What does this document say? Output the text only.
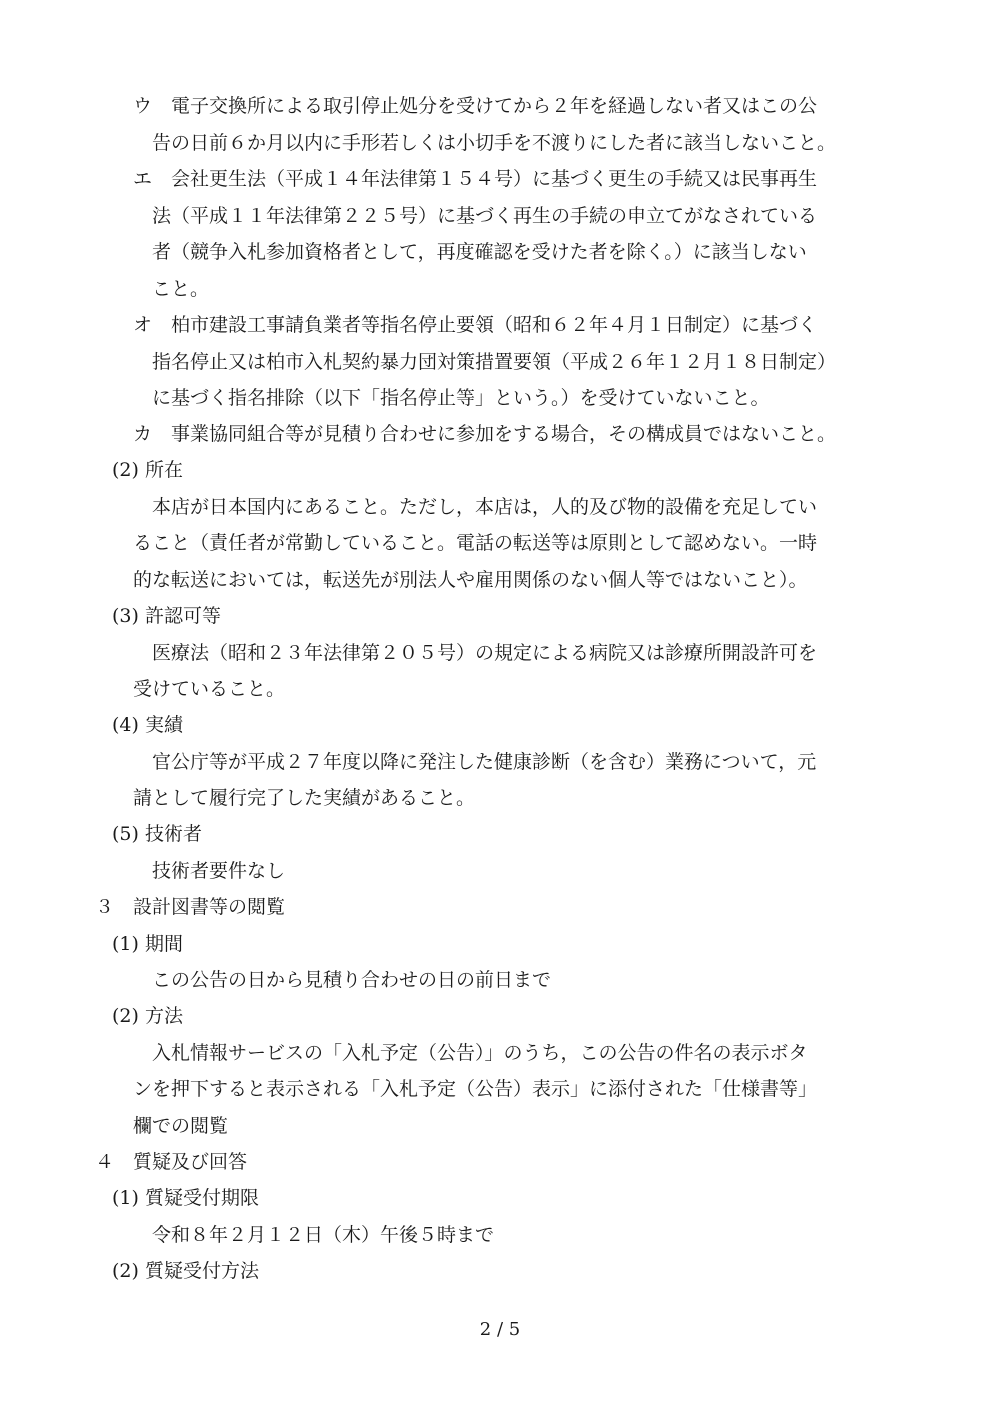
ウ　電子交換所による取引停止処分を受けてから２年を経過しない者又はこの公
告の日前６か月以内に手形若しくは小切手を不渡りにした者に該当しないこと。
エ　会社更生法（平成１４年法律第１５４号）に基づく更生の手続又は民事再生
法（平成１１年法律第２２５号）に基づく再生の手続の申立てがなされている
者（競争入札参加資格者として，再度確認を受けた者を除く。）に該当しない
こと。
オ　柏市建設工事請負業者等指名停止要領（昭和６２年４月１日制定）に基づく
指名停止又は柏市入札契約暴力団対策措置要領（平成２６年１２月１８日制定）
に基づく指名排除（以下「指名停止等」という。）を受けていないこと。
カ　事業協同組合等が見積り合わせに参加をする場合，その構成員ではないこと。
(2) 所在
本店が日本国内にあること。ただし，本店は，人的及び物的設備を充足してい
ること（責任者が常勤していること。電話の転送等は原則として認めない。一時
的な転送においては，転送先が別法人や雇用関係のない個人等ではないこと）。
(3) 許認可等
医療法（昭和２３年法律第２０５号）の規定による病院又は診療所開設許可を
受けていること。
(4) 実績
官公庁等が平成２７年度以降に発注した健康診断（を含む）業務について，元
請として履行完了した実績があること。
(5) 技術者
技術者要件なし
３　設計図書等の閲覧
(1) 期間
この公告の日から見積り合わせの日の前日まで
(2) 方法
入札情報サービスの「入札予定（公告）」のうち，この公告の件名の表示ボタ
ンを押下すると表示される「入札予定（公告）表示」に添付された「仕様書等」
欄での閲覧
４　質疑及び回答
(1) 質疑受付期限
令和８年２月１２日（木）午後５時まで
(2) 質疑受付方法
2 / 5
